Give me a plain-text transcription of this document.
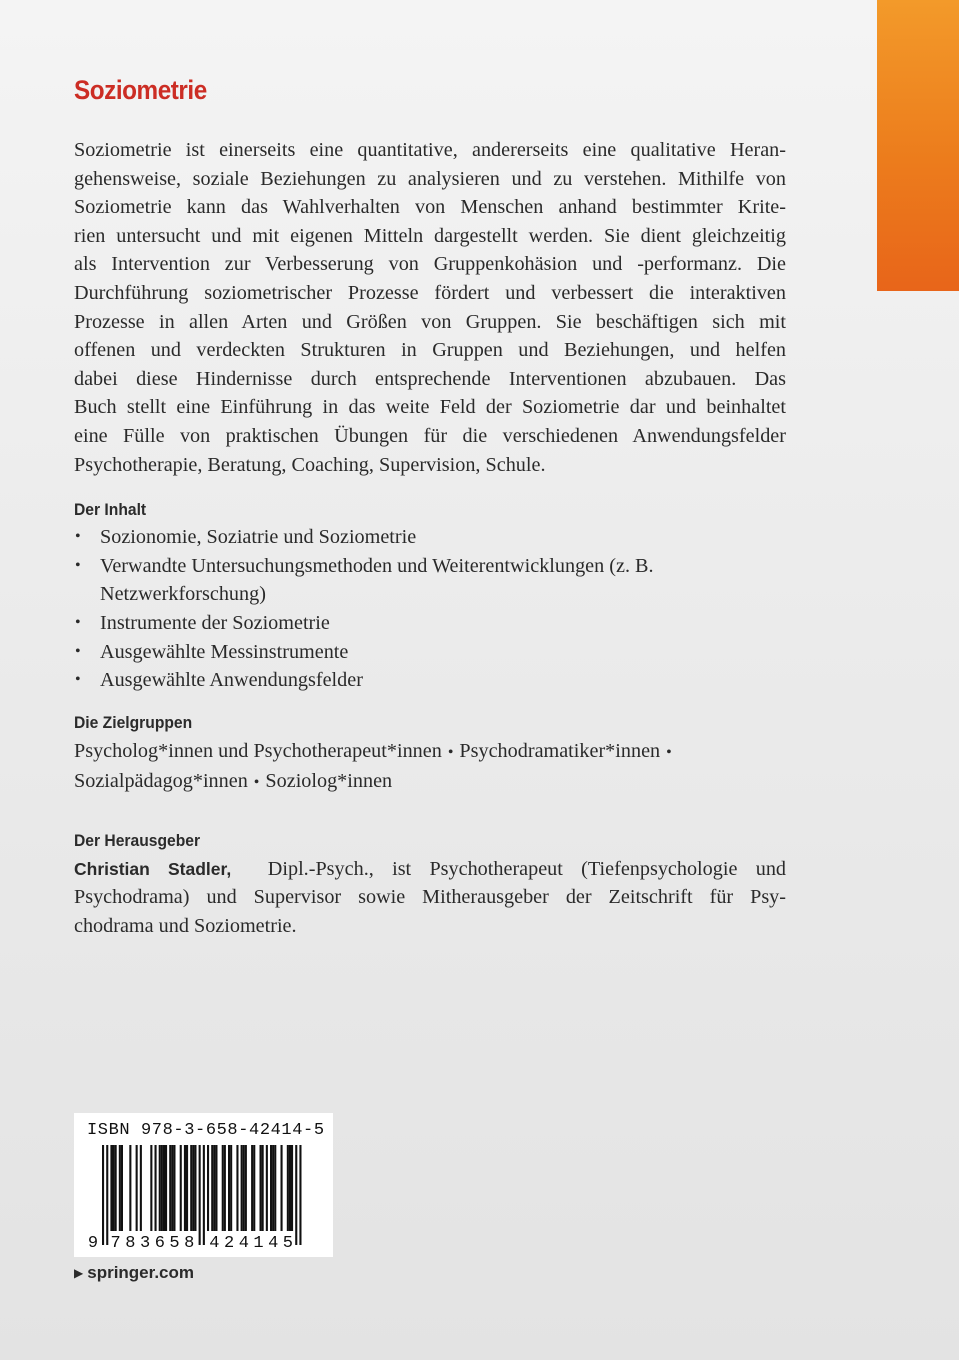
Soziometrie

Soziometrie ist einerseits eine quantitative, andererseits eine qualitative Heran-
gehensweise, soziale Beziehungen zu analysieren und zu verstehen. Mithilfe von
Soziometrie kann das Wahlverhalten von Menschen anhand bestimmter Krite-
rien untersucht und mit eigenen Mitteln dargestellt werden. Sie dient gleichzeitig
als Intervention zur Verbesserung von Gruppenkohäsion und -performanz. Die
Durchführung soziometrischer Prozesse fördert und verbessert die interaktiven
Prozesse in allen Arten und Größen von Gruppen. Sie beschäftigen sich mit
offenen und verdeckten Strukturen in Gruppen und Beziehungen, und helfen
dabei diese Hindernisse durch entsprechende Interventionen abzubauen. Das
Buch stellt eine Einführung in das weite Feld der Soziometrie dar und beinhaltet
eine Fülle von praktischen Übungen für die verschiedenen Anwendungsfelder
Psychotherapie, Beratung, Coaching, Supervision, Schule.

Der Inhalt
• Sozionomie, Soziatrie und Soziometrie
• Verwandte Untersuchungsmethoden und Weiterentwicklungen (z. B. Netzwerkforschung)
• Instrumente der Soziometrie
• Ausgewählte Messinstrumente
• Ausgewählte Anwendungsfelder
Die Zielgruppen

Psycholog*innen und Psychotherapeut*innen • Psychodramatiker*innen •
Sozialpädagog*innen • Soziolog*innen

Der Herausgeber

Christian Stadler, Dipl.-Psych., ist Psychotherapeut (Tiefenpsychologie und
Psychodrama) und Supervisor sowie Mitherausgeber der Zeitschrift für Psy-
chodrama und Soziometrie.

ISBN 978-3-658-42414-5
9 7 8 3 6 5 8 4 2 4 1 4 5
▶ springer.com
